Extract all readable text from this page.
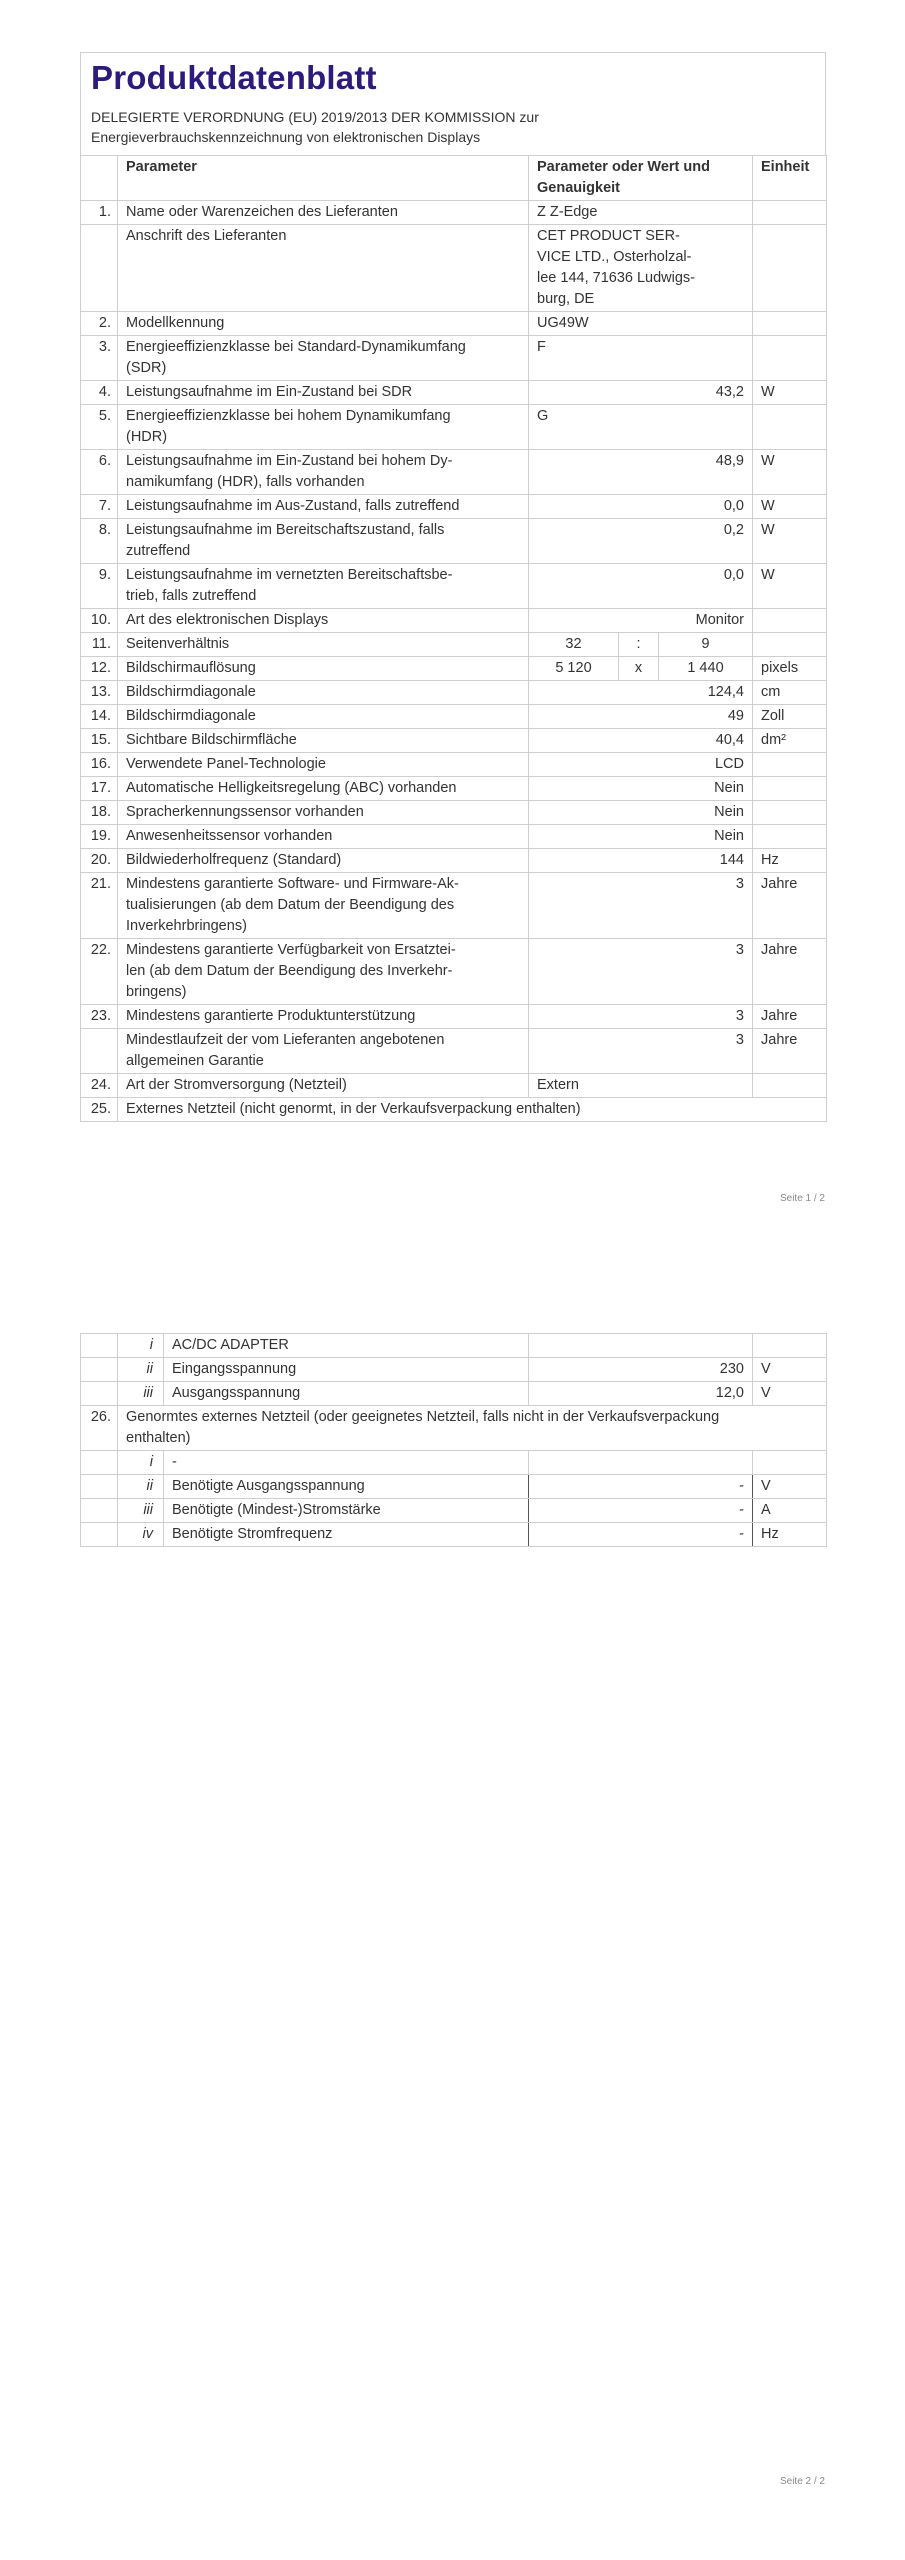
Produktdatenblatt
DELEGIERTE VERORDNUNG (EU) 2019/2013 DER KOMMISSION zur
Energieverbrauchskennzeichnung von elektronischen Displays
	Parameter	Parameter oder Wert und
Genauigkeit			Einheit
1.	Name oder Warenzeichen des Lieferanten	Z Z-Edge			
	Anschrift des Lieferanten	CET PRODUCT SER-
VICE LTD., Osterholzal-
lee 144, 71636 Ludwigs-
burg, DE			
2.	Modellkennung	UG49W			
3.	Energieeffizienzklasse bei Standard-Dynamikumfang
(SDR)	F			
4.	Leistungsaufnahme im Ein-Zustand bei SDR	43,2			W
5.	Energieeffizienzklasse bei hohem Dynamikumfang
(HDR)	G			
6.	Leistungsaufnahme im Ein-Zustand bei hohem Dy-
namikumfang (HDR), falls vorhanden	48,9			W
7.	Leistungsaufnahme im Aus-Zustand, falls zutreffend	0,0			W
8.	Leistungsaufnahme im Bereitschaftszustand, falls
zutreffend	0,2			W
9.	Leistungsaufnahme im vernetzten Bereitschaftsbe-
trieb, falls zutreffend	0,0			W
10.	Art des elektronischen Displays	Monitor			
11.	Seitenverhältnis	32	:	9	
12.	Bildschirmauflösung	5 120	x	1 440	pixels
13.	Bildschirmdiagonale	124,4			cm
14.	Bildschirmdiagonale	49			Zoll
15.	Sichtbare Bildschirmfläche	40,4			dm²
16.	Verwendete Panel-Technologie	LCD			
17.	Automatische Helligkeitsregelung (ABC) vorhanden	Nein			
18.	Spracherkennungssensor vorhanden	Nein			
19.	Anwesenheitssensor vorhanden	Nein			
20.	Bildwiederholfrequenz (Standard)	144			Hz
21.	Mindestens garantierte Software- und Firmware-Ak-
tualisierungen (ab dem Datum der Beendigung des
Inverkehrbringens)	3			Jahre
22.	Mindestens garantierte Verfügbarkeit von Ersatztei-
len (ab dem Datum der Beendigung des Inverkehr-
bringens)	3			Jahre
23.	Mindestens garantierte Produktunterstützung	3			Jahre
	Mindestlaufzeit der vom Lieferanten angebotenen
allgemeinen Garantie	3			Jahre
24.	Art der Stromversorgung (Netzteil)	Extern			
25.	Externes Netzteil (nicht genormt, in der Verkaufsverpackung enthalten)				
Seite 1 / 2
	i	AC/DC ADAPTER		
	ii	Eingangsspannung	230	V
	iii	Ausgangsspannung	12,0	V
26.	Genormtes externes Netzteil (oder geeignetes Netzteil, falls nicht in der Verkaufsverpackung
enthalten)			
	i	-		
	ii	Benötigte Ausgangsspannung	-	V
	iii	Benötigte (Mindest-)Stromstärke	-	A
	iv	Benötigte Stromfrequenz	-	Hz
Seite 2 / 2
